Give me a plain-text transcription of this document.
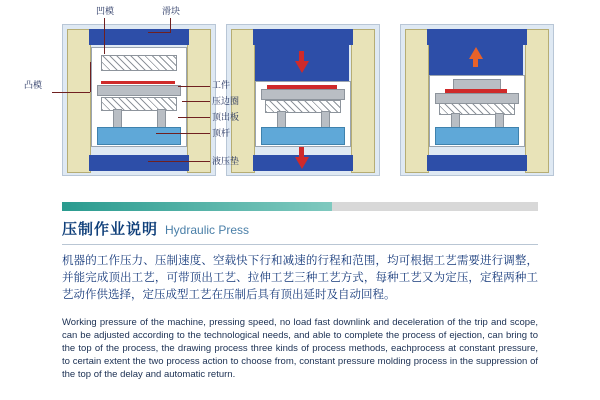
凹模	滑块
凸模	工件
压边圈
顶出板
顶杆
液压垫
压制作业说明 Hydraulic Press

机器的工作压力、压制速度、空载快下行和减速的行程和范围，均可根据工艺需要进行调整，并能完成顶出工艺，可带顶出工艺、拉伸工艺三种工艺方式，每种工艺又为定压，定程两种工艺动作供选择，定压成型工艺在压制后具有顶出延时及自动回程。

Working pressure of the machine, pressing speed, no load fast downlink and deceleration of the trip and scope, can be adjusted according to the technological needs, and able to complete the process of ejection, can bring to the top of the process, the drawing process three kinds of process methods, eachprocess at constant pressure, to certain extent the two process action to choose from, constant pressure molding process in the suppression of the top of the delay and automatic return.
